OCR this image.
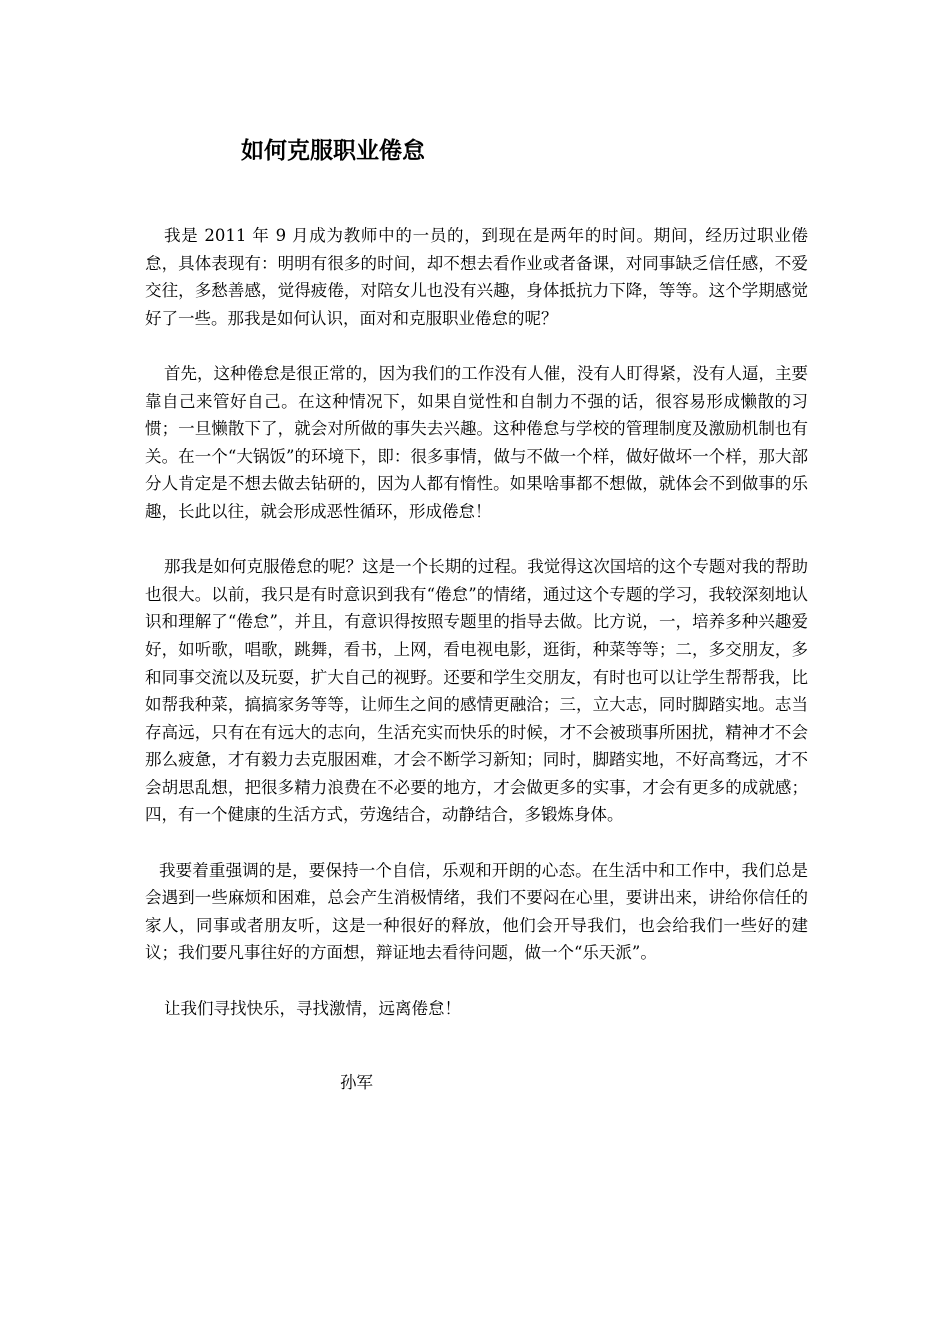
如何克服职业倦怠

我是 2011 年 9 月成为教师中的一员的，到现在是两年的时间。期间，经历过职业倦怠，具体表现有：明明有很多的时间，却不想去看作业或者备课，对同事缺乏信任感，不爱交往，多愁善感，觉得疲倦，对陪女儿也没有兴趣，身体抵抗力下降，等等。这个学期感觉好了一些。那我是如何认识，面对和克服职业倦怠的呢？

首先，这种倦怠是很正常的，因为我们的工作没有人催，没有人盯得紧，没有人逼，主要靠自己来管好自己。在这种情况下，如果自觉性和自制力不强的话，很容易形成懒散的习惯；一旦懒散下了，就会对所做的事失去兴趣。这种倦怠与学校的管理制度及激励机制也有关。在一个“大锅饭”的环境下，即：很多事情，做与不做一个样，做好做坏一个样，那大部分人肯定是不想去做去钻研的，因为人都有惰性。如果啥事都不想做，就体会不到做事的乐趣，长此以往，就会形成恶性循环，形成倦怠！

那我是如何克服倦怠的呢？这是一个长期的过程。我觉得这次国培的这个专题对我的帮助也很大。以前，我只是有时意识到我有“倦怠”的情绪，通过这个专题的学习，我较深刻地认识和理解了“倦怠”，并且，有意识得按照专题里的指导去做。比方说，一，培养多种兴趣爱好，如听歌，唱歌，跳舞，看书，上网，看电视电影，逛街，种菜等等；二，多交朋友，多和同事交流以及玩耍，扩大自己的视野。还要和学生交朋友，有时也可以让学生帮帮我，比如帮我种菜，搞搞家务等等，让师生之间的感情更融洽；三，立大志，同时脚踏实地。志当存高远，只有在有远大的志向，生活充实而快乐的时候，才不会被琐事所困扰，精神才不会那么疲惫，才有毅力去克服困难，才会不断学习新知；同时，脚踏实地，不好高骛远，才不会胡思乱想，把很多精力浪费在不必要的地方，才会做更多的实事，才会有更多的成就感；四，有一个健康的生活方式，劳逸结合，动静结合，多锻炼身体。

我要着重强调的是，要保持一个自信，乐观和开朗的心态。在生活中和工作中，我们总是会遇到一些麻烦和困难，总会产生消极情绪，我们不要闷在心里，要讲出来，讲给你信任的家人，同事或者朋友听，这是一种很好的释放，他们会开导我们，也会给我们一些好的建议；我们要凡事往好的方面想，辩证地去看待问题，做一个“乐天派”。

让我们寻找快乐，寻找激情，远离倦怠！

孙军
